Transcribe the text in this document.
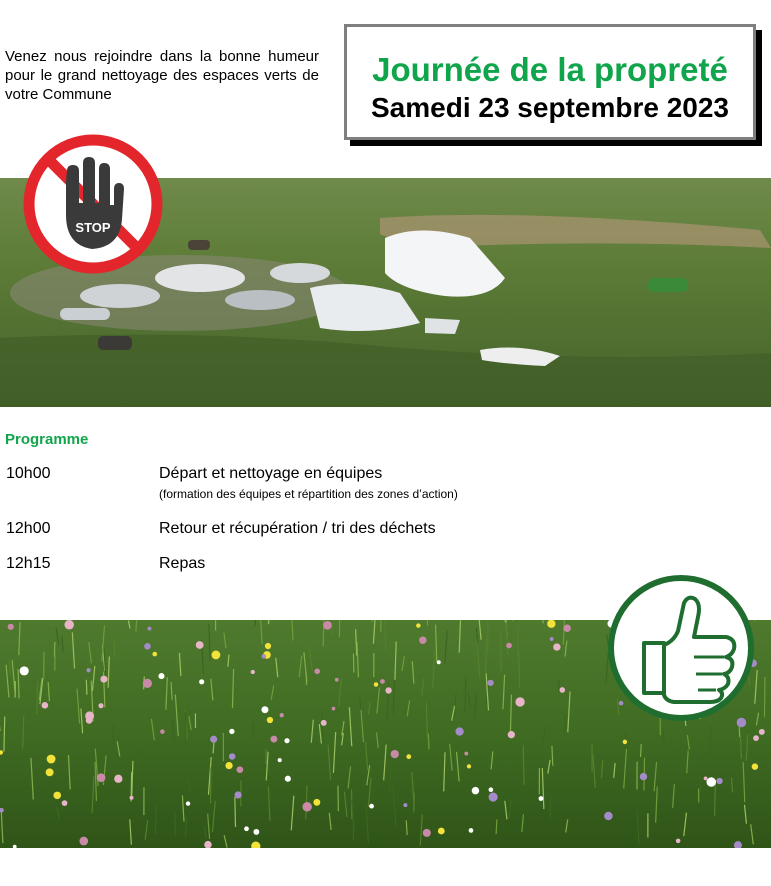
Venez nous rejoindre dans la bonne humeur pour le grand nettoyage des espaces verts de votre Commune

Journée de la propreté
Samedi 23 septembre 2023
STOP
Programme
10h00	Départ et nettoyage en équipes
(formation des équipes et répartition des zones d’action)
12h00	Retour et récupération / tri des déchets
12h15	Repas
